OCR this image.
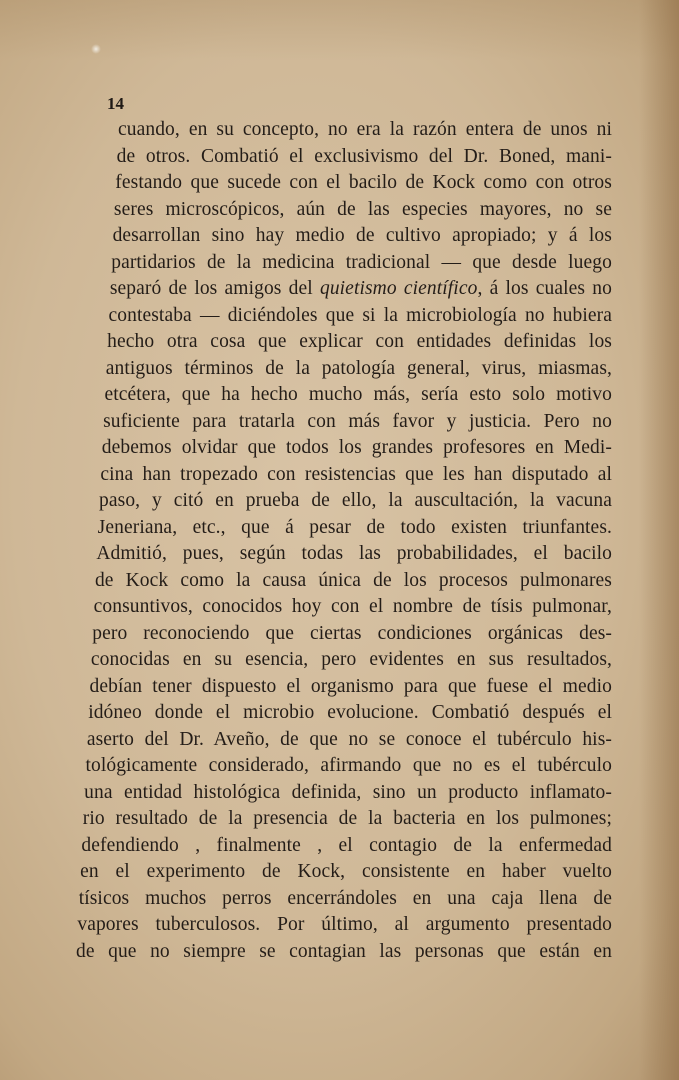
14
cuando, en su concepto, no era la razón entera de unos ni
de otros. Combatió el exclusivismo del Dr. Boned, mani-
festando que sucede con el bacilo de Kock como con otros
seres microscópicos, aún de las especies mayores, no se
desarrollan sino hay medio de cultivo apropiado; y á los
partidarios de la medicina tradicional — que desde luego
separó de los amigos del quietismo científico, á los cuales no
contestaba — diciéndoles que si la microbiología no hubiera
hecho otra cosa que explicar con entidades definidas los
antiguos términos de la patología general, virus, miasmas,
etcétera, que ha hecho mucho más, sería esto solo motivo
suficiente para tratarla con más favor y justicia. Pero no
debemos olvidar que todos los grandes profesores en Medi-
cina han tropezado con resistencias que les han disputado al
paso, y citó en prueba de ello, la auscultación, la vacuna
Jeneriana, etc., que á pesar de todo existen triunfantes.
Admitió, pues, según todas las probabilidades, el bacilo
de Kock como la causa única de los procesos pulmonares
consuntivos, conocidos hoy con el nombre de tísis pulmonar,
pero reconociendo que ciertas condiciones orgánicas des-
conocidas en su esencia, pero evidentes en sus resultados,
debían tener dispuesto el organismo para que fuese el medio
idóneo donde el microbio evolucione. Combatió después el
aserto del Dr. Aveño, de que no se conoce el tubérculo his-
tológicamente considerado, afirmando que no es el tubérculo
una entidad histológica definida, sino un producto inflamato-
rio resultado de la presencia de la bacteria en los pulmones;
defendiendo , finalmente , el contagio de la enfermedad
en el experimento de Kock, consistente en haber vuelto
tísicos muchos perros encerrándoles en una caja llena de
vapores tuberculosos. Por último, al argumento presentado
de que no siempre se contagian las personas que están en
